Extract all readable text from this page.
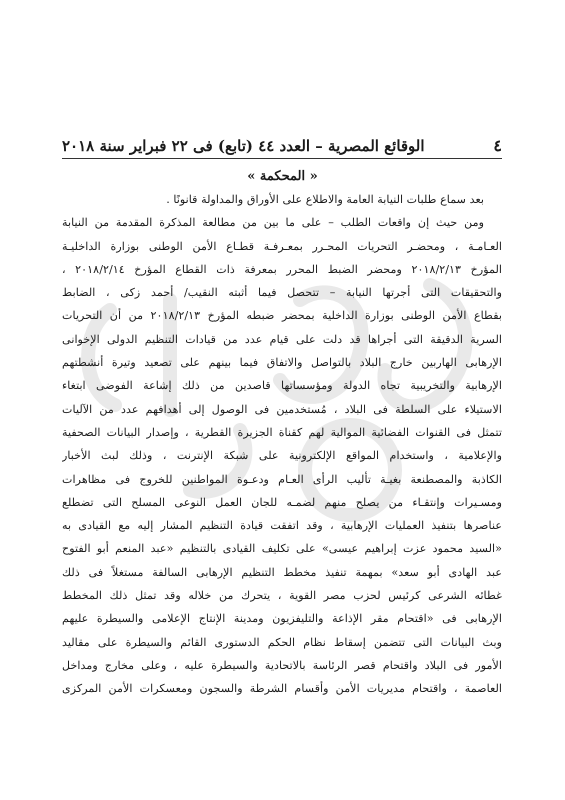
٤
الوقائع المصرية – العدد ٤٤ (تابع) فى ٢٢ فبراير سنة ٢٠١٨
« المحكمة »

بعد سماع طلبات النيابة العامة والاطلاع على الأوراق والمداولة قانونًا .

ومن حيث إن واقعات الطلب – على ما بين من مطالعة المذكرة المقدمة من النيابة
العـامـة ، ومحضـر التحريات المحـرر بمعـرفـة قطـاع الأمن الوطنى بوزارة الداخليـة
المؤرخ ٢٠١٨/٢/١٣ ومحضر الضبط المحرر بمعرفة ذات القطاع المؤرخ ٢٠١٨/٢/١٤ ،
والتحقيقات التى أجرتها النيابة – تتحصل فيما أثبته النقيب/ أحمد زكى ، الضابط
بقطاع الأمن الوطنى بوزارة الداخلية بمحضر ضبطه المؤرخ ٢٠١٨/٢/١٣ من أن التحريات
السرية الدقيقة التى أجراها قد دلت على قيام عدد من قيادات التنظيم الدولى الإخوانى
الإرهابى الهاربين خارج البلاد بالتواصل والاتفاق فيما بينهم على تصعيد وتيرة أنشطتهم
الإرهابية والتخريبية تجاه الدولة ومؤسساتها قاصدين من ذلك إشاعة الفوضى ابتغاء
الاستيلاء على السلطة فى البلاد ، مُستخدمين فى الوصول إلى أهدافهم عدد من الآليات
تتمثل فى القنوات الفضائية الموالية لهم كقناة الجزيرة القطرية ، وإصدار البيانات الصحفية
والإعلامية ، واستخدام المواقع الإلكترونية على شبكة الإنترنت ، وذلك لبث الأخبار
الكاذبة والمصطنعة بغيـة تأليب الرأى العـام ودعـوة المواطنين للخروج فى مظاهرات
ومسـيرات وإنتقـاء من يصلح منهم لضمـه للجان العمل النوعى المسلح التى تضطلع
عناصرها بتنفيذ العمليات الإرهابية ، وقد اتفقت قيادة التنظيم المشار إليه مع القيادى به
«السيد محمود عزت إبراهيم عيسى» على تكليف القيادى بالتنظيم «عبد المنعم أبو الفتوح
عبد الهادى أبو سعد» بمهمة تنفيذ مخطط التنظيم الإرهابى السالفة مستغلاً فى ذلك
غطائه الشرعى كرئيس لحزب مصر القوية ، يتحرك من خلاله وقد تمثل ذلك المخطط
الإرهابى فى «اقتحام مقر الإذاعة والتليفزيون ومدينة الإنتاج الإعلامى والسيطرة عليهم
وبث البيانات التى تتضمن إسقاط نظام الحكم الدستورى القائم والسيطرة على مقاليد
الأمور فى البلاد واقتحام قصر الرئاسة بالاتحادية والسيطرة عليه ، وعلى مخارج ومداخل
العاصمة ، واقتحام مديريات الأمن وأقسام الشرطة والسجون ومعسكرات الأمن المركزى
